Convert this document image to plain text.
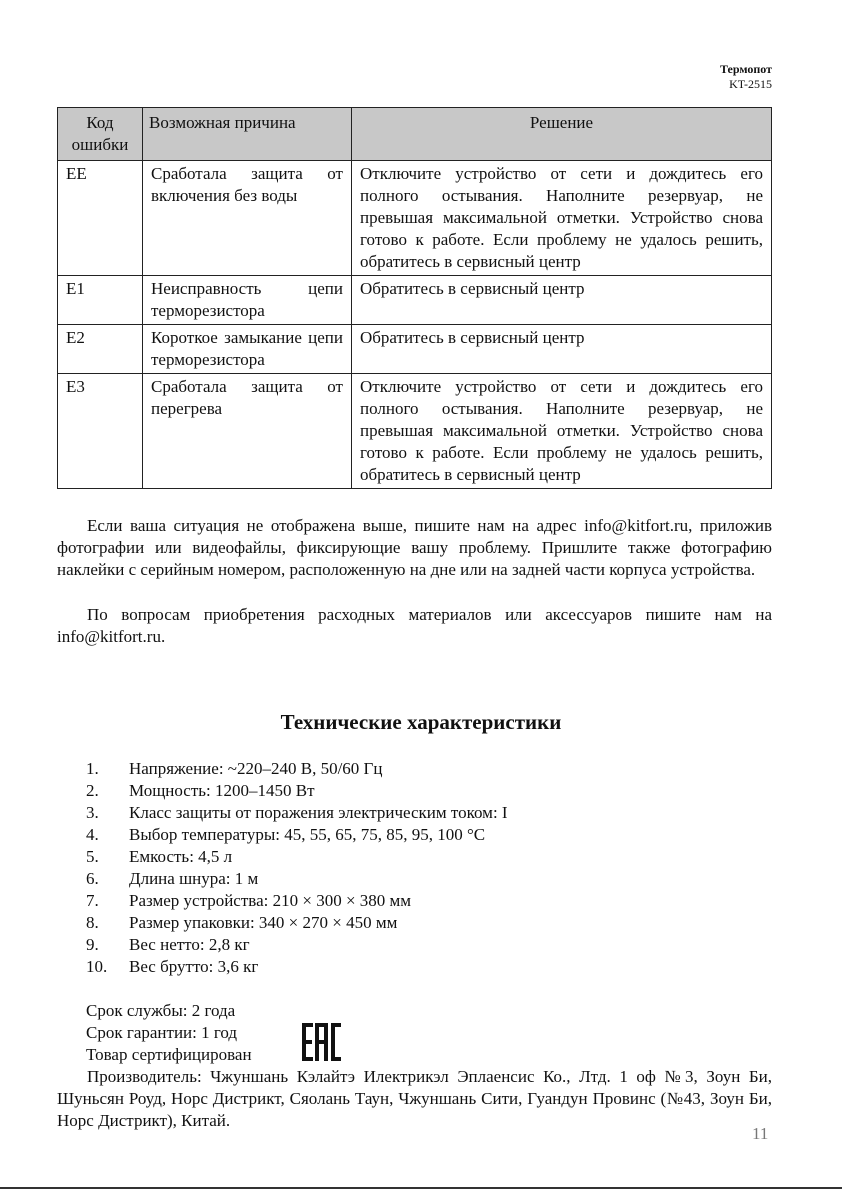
Термопот
KT-2515
Код ошибки	Возможная причина	Решение
EE	Сработала защита от включения без воды	Отключите устройство от сети и дождитесь его полного остывания. Наполните резервуар, не превышая максимальной отметки. Устройство снова готово к работе. Если проблему не удалось решить, обратитесь в сервисный центр
E1	Неисправность цепи терморезистора	Обратитесь в сервисный центр
E2	Короткое замыкание цепи терморезистора	Обратитесь в сервисный центр
E3	Сработала защита от перегрева	Отключите устройство от сети и дождитесь его полного остывания. Наполните резервуар, не превышая максимальной отметки. Устройство снова готово к работе. Если проблему не удалось решить, обратитесь в сервисный центр

Если ваша ситуация не отображена выше, пишите нам на адрес info@kitfort.ru, приложив фотографии или видеофайлы, фиксирующие вашу проблему. Пришлите также фотографию наклейки с серийным номером, расположенную на дне или на задней части корпуса устройства.

По вопросам приобретения расходных материалов или аксессуаров пишите нам на info@kitfort.ru.

Технические характеристики
1.	Напряжение: ~220–240 В, 50/60 Гц
2.	Мощность: 1200–1450 Вт
3.	Класс защиты от поражения электрическим током: I
4.	Выбор температуры: 45, 55, 65, 75, 85, 95, 100 °C
5.	Емкость: 4,5 л
6.	Длина шнура: 1 м
7.	Размер устройства: 210 × 300 × 380 мм
8.	Размер упаковки: 340 × 270 × 450 мм
9.	Вес нетто: 2,8 кг
10.	Вес брутто: 3,6 кг
Срок службы: 2 года
Срок гарантии: 1 год
Товар сертифицирован

Производитель: Чжуншань Кэлайтэ Илектрикэл Эплаенсис Ко., Лтд. 1 оф №3, Зоун Би, Шуньсян Роуд, Норс Дистрикт, Сяолань Таун, Чжуншань Сити, Гуандун Провинс (№43, Зоун Би, Норс Дистрикт), Китай.

11
